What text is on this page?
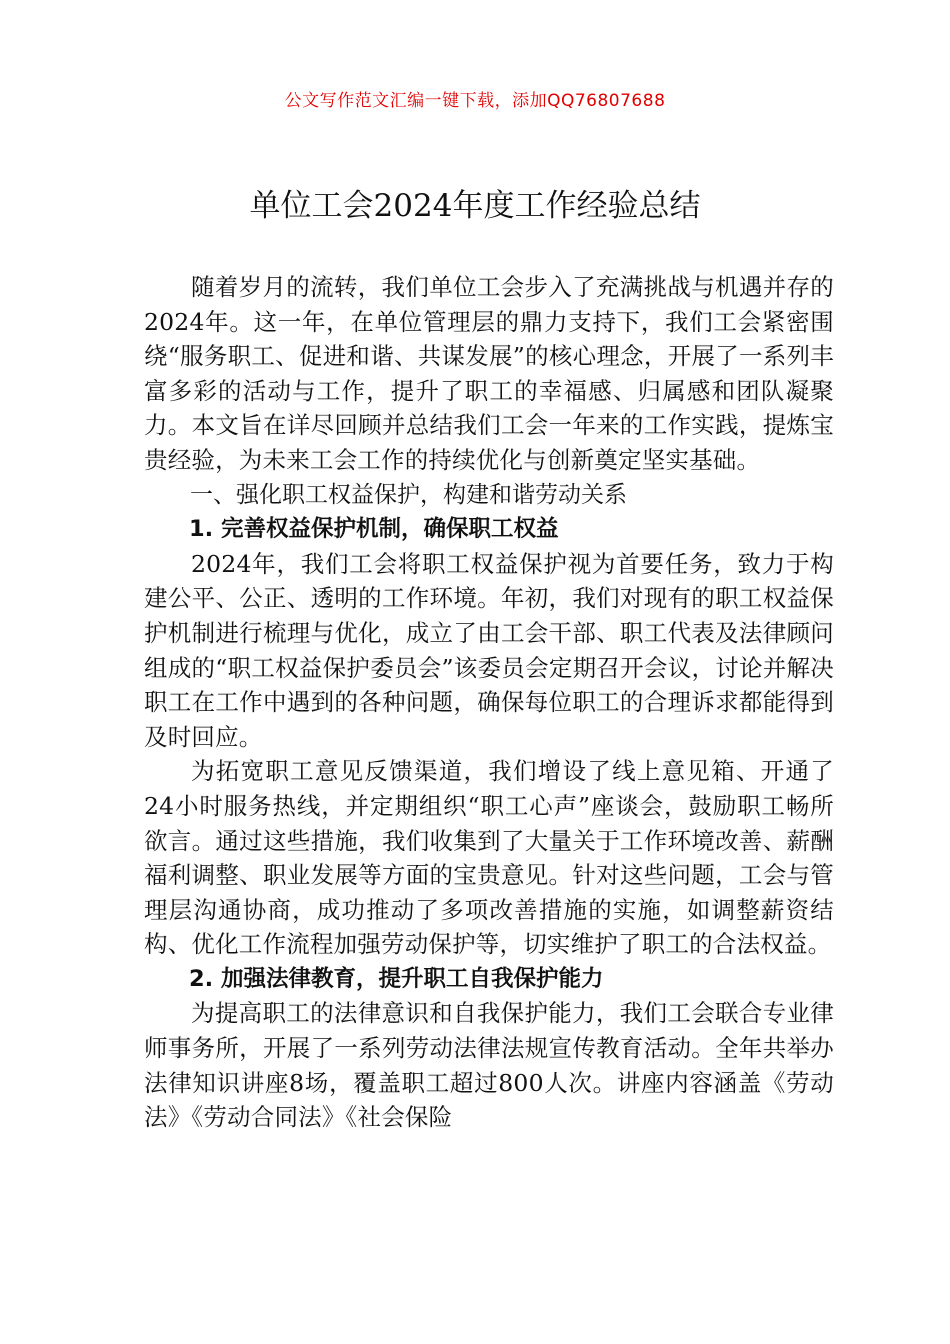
公文写作范文汇编一键下载，添加QQ76807688
单位工会2024年度工作经验总结

随着岁月的流转，我们单位工会步入了充满挑战与机遇并存的2024年。这一年，在单位管理层的鼎力支持下，我们工会紧密围绕“服务职工、促进和谐、共谋发展”的核心理念，开展了一系列丰富多彩的活动与工作，提升了职工的幸福感、归属感和团队凝聚力。本文旨在详尽回顾并总结我们工会一年来的工作实践，提炼宝贵经验，为未来工会工作的持续优化与创新奠定坚实基础。

一、强化职工权益保护，构建和谐劳动关系

1. 完善权益保护机制，确保职工权益

2024年，我们工会将职工权益保护视为首要任务，致力于构建公平、公正、透明的工作环境。年初，我们对现有的职工权益保护机制进行梳理与优化，成立了由工会干部、职工代表及法律顾问组成的“职工权益保护委员会”该委员会定期召开会议，讨论并解决职工在工作中遇到的各种问题，确保每位职工的合理诉求都能得到及时回应。

为拓宽职工意见反馈渠道，我们增设了线上意见箱、开通了24小时服务热线，并定期组织“职工心声”座谈会，鼓励职工畅所欲言。通过这些措施，我们收集到了大量关于工作环境改善、薪酬福利调整、职业发展等方面的宝贵意见。针对这些问题，工会与管理层沟通协商，成功推动了多项改善措施的实施，如调整薪资结构、优化工作流程加强劳动保护等，切实维护了职工的合法权益。

2. 加强法律教育，提升职工自我保护能力

为提高职工的法律意识和自我保护能力，我们工会联合专业律师事务所，开展了一系列劳动法律法规宣传教育活动。全年共举办法律知识讲座8场，覆盖职工超过800人次。讲座内容涵盖《劳动法》《劳动合同法》《社会保险
